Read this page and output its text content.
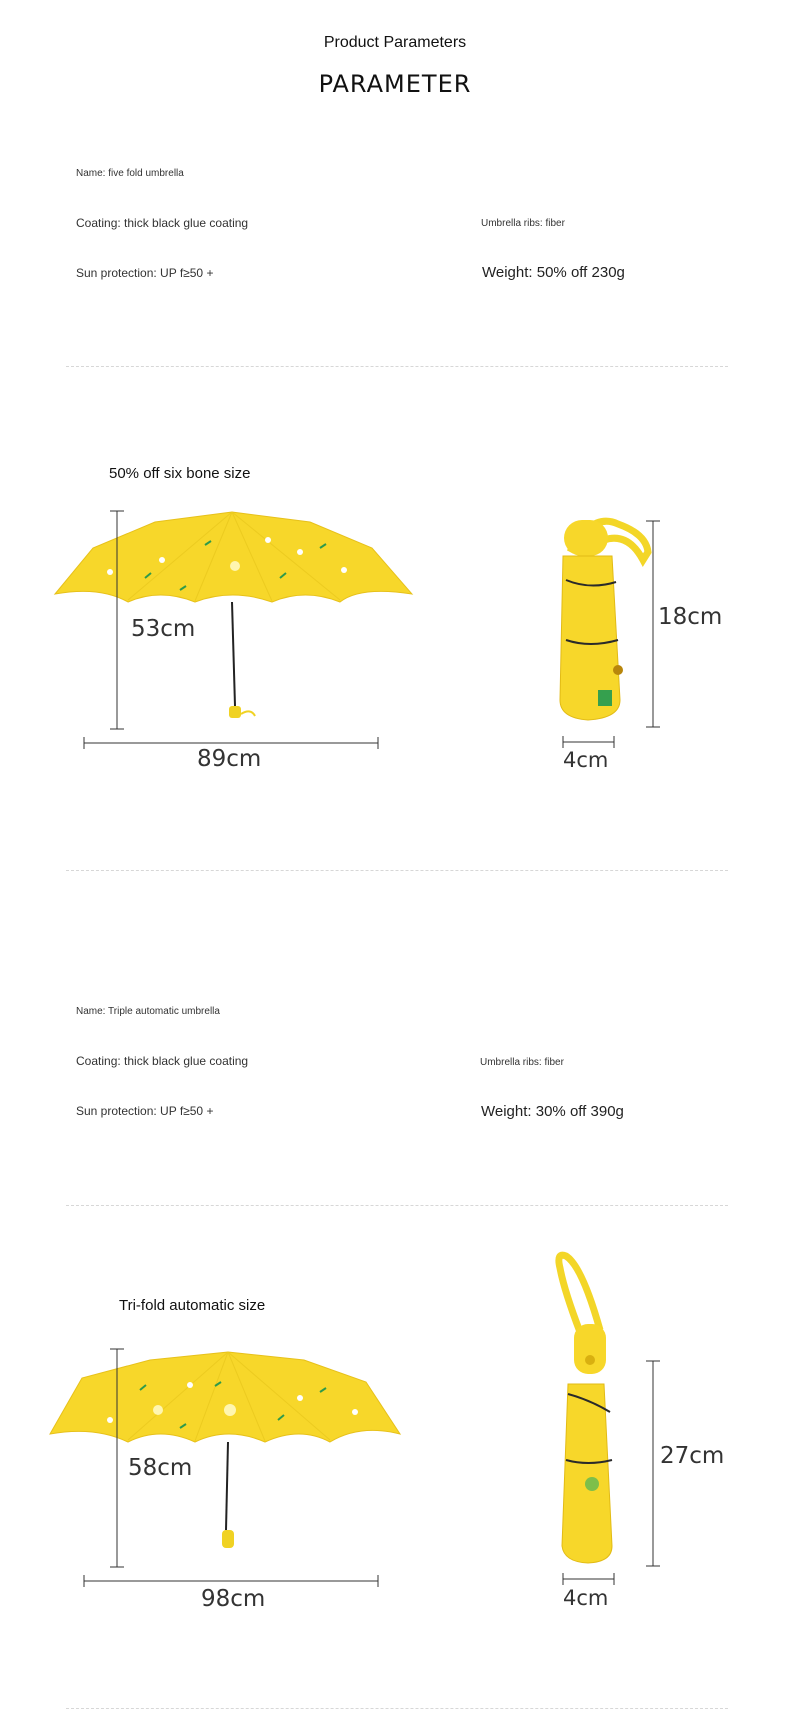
Product Parameters
PARAMETER
Name: five fold umbrella
Coating: thick black glue coating	Umbrella ribs: fiber
Sun protection: UP f≥50 +	Weight: 50% off 230g
50% off six bone size
53cm
89cm
18cm
4cm
Name: Triple automatic umbrella
Coating: thick black glue coating	Umbrella ribs: fiber
Sun protection: UP f≥50 +	Weight: 30% off 390g
Tri-fold automatic size
58cm
98cm
27cm
4cm
